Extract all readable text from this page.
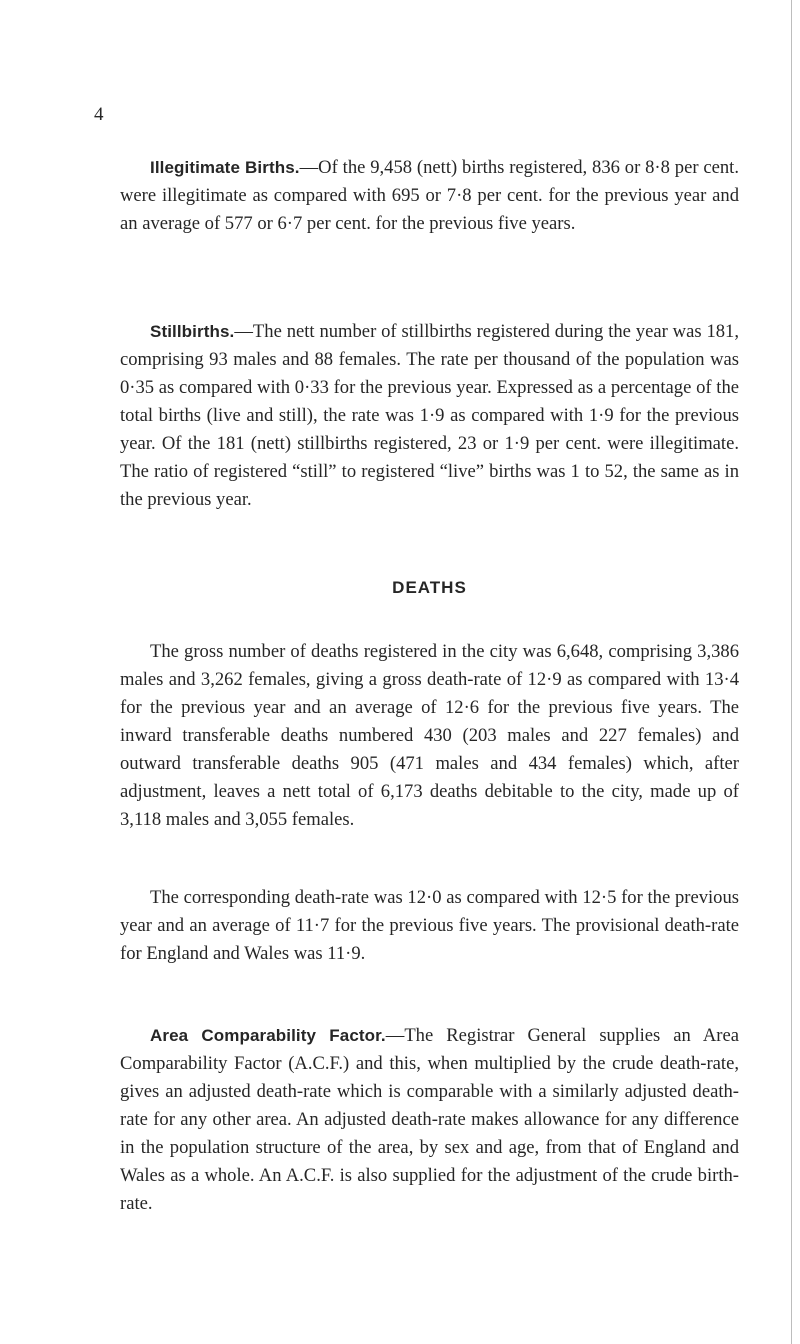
4

Illegitimate Births.—Of the 9,458 (nett) births registered, 836 or 8·8 per cent. were illegitimate as compared with 695 or 7·8 per cent. for the previous year and an average of 577 or 6·7 per cent. for the previous five years.

Stillbirths.—The nett number of stillbirths registered during the year was 181, comprising 93 males and 88 females. The rate per thousand of the population was 0·35 as compared with 0·33 for the previous year. Expressed as a percentage of the total births (live and still), the rate was 1·9 as compared with 1·9 for the previous year. Of the 181 (nett) stillbirths registered, 23 or 1·9 per cent. were illegitimate. The ratio of registered “still” to registered “live” births was 1 to 52, the same as in the previous year.

DEATHS

The gross number of deaths registered in the city was 6,648, comprising 3,386 males and 3,262 females, giving a gross death-rate of 12·9 as compared with 13·4 for the previous year and an average of 12·6 for the previous five years. The inward transferable deaths numbered 430 (203 males and 227 females) and outward transferable deaths 905 (471 males and 434 females) which, after adjustment, leaves a nett total of 6,173 deaths debitable to the city, made up of 3,118 males and 3,055 females.

The corresponding death-rate was 12·0 as compared with 12·5 for the previous year and an average of 11·7 for the previous five years. The provisional death-rate for England and Wales was 11·9.

Area Comparability Factor.—The Registrar General supplies an Area Comparability Factor (A.C.F.) and this, when multiplied by the crude death-rate, gives an adjusted death-rate which is comparable with a similarly adjusted death-rate for any other area. An adjusted death-rate makes allowance for any difference in the population structure of the area, by sex and age, from that of England and Wales as a whole. An A.C.F. is also supplied for the adjustment of the crude birth-rate.
